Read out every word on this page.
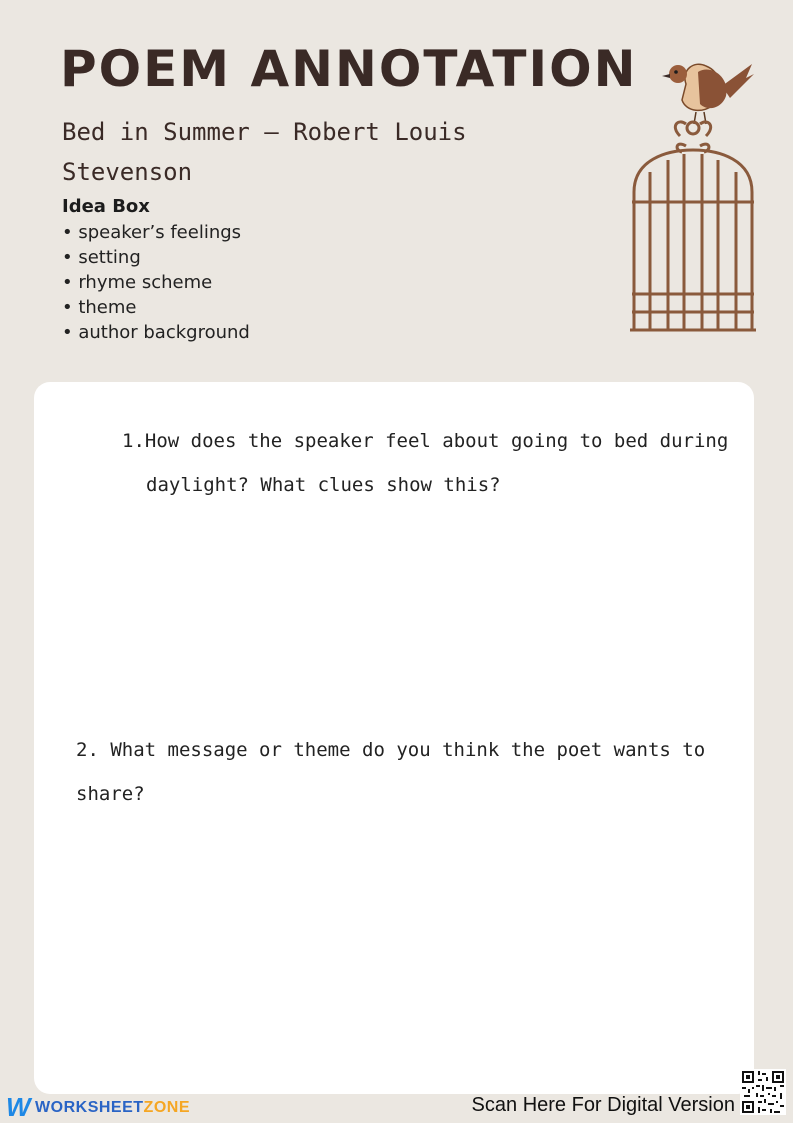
POEM ANNOTATION
Bed in Summer — Robert Louis Stevenson
Idea Box
• speaker’s feelings
• setting
• rhyme scheme
• theme
• author background

1.How does the speaker feel about going to bed during daylight? What clues show this?

2. What message or theme do you think the poet wants to share?

W WORKSHEET ZONE	Scan Here For Digital Version
